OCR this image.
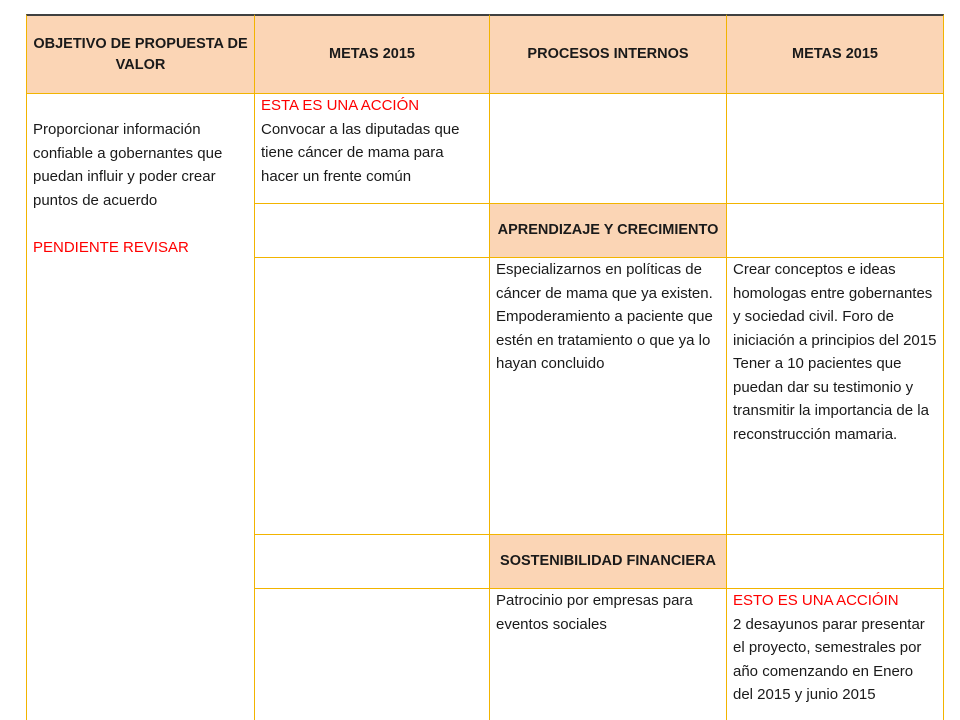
OBJETIVO DE PROPUESTA DE VALOR
METAS 2015	PROCESOS INTERNOS	METAS 2015
Proporcionar información confiable a gobernantes que puedan influir y poder crear puntos de acuerdo
PENDIENTE REVISAR
ESTA ES UNA ACCIÓN
Convocar a las diputadas que tiene cáncer de mama para hacer un frente común
APRENDIZAJE Y CRECIMIENTO
Especializarnos en políticas de cáncer de mama que ya existen.
Empoderamiento a paciente que estén en tratamiento o que ya lo hayan concluido
Crear conceptos e ideas homologas entre gobernantes y sociedad civil. Foro de iniciación a principios del 2015
Tener a 10 pacientes que puedan dar su testimonio y transmitir la importancia de la reconstrucción mamaria.
SOSTENIBILIDAD FINANCIERA
Patrocinio por empresas para eventos sociales
ESTO ES UNA ACCIÓIN
2 desayunos parar presentar el proyecto, semestrales por año comenzando en Enero del 2015 y junio 2015
